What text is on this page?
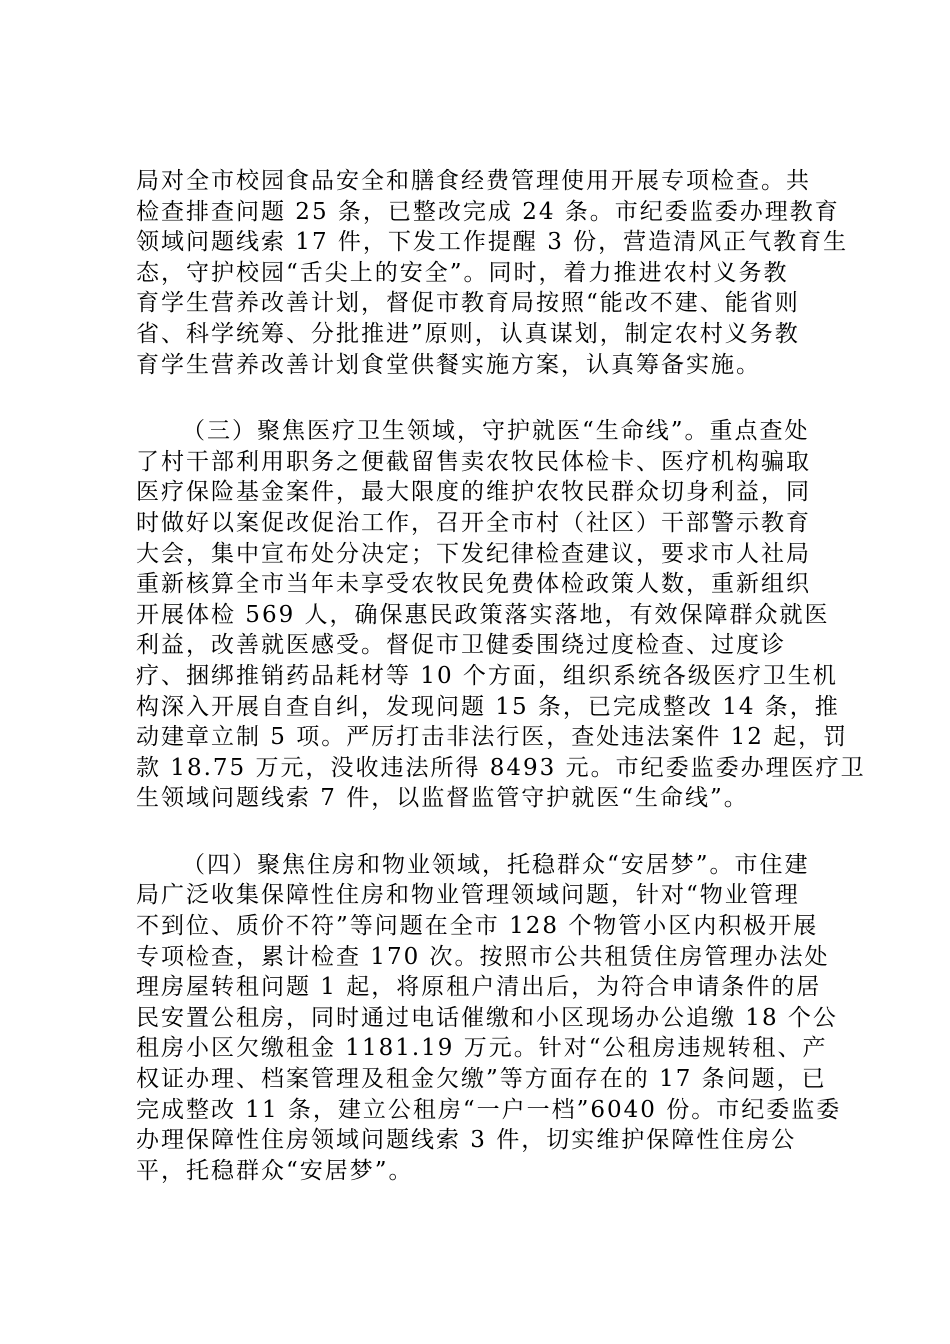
局对全市校园食品安全和膳食经费管理使用开展专项检查。共
检查排查问题 25 条，已整改完成 24 条。市纪委监委办理教育
领域问题线索 17 件，下发工作提醒 3 份，营造清风正气教育生
态，守护校园“舌尖上的安全”。同时，着力推进农村义务教
育学生营养改善计划，督促市教育局按照“能改不建、能省则
省、科学统筹、分批推进”原则，认真谋划，制定农村义务教
育学生营养改善计划食堂供餐实施方案，认真筹备实施。

（三）聚焦医疗卫生领域，守护就医“生命线”。重点查处
了村干部利用职务之便截留售卖农牧民体检卡、医疗机构骗取
医疗保险基金案件，最大限度的维护农牧民群众切身利益，同
时做好以案促改促治工作，召开全市村（社区）干部警示教育
大会，集中宣布处分决定；下发纪律检查建议，要求市人社局
重新核算全市当年未享受农牧民免费体检政策人数，重新组织
开展体检 569 人，确保惠民政策落实落地，有效保障群众就医
利益，改善就医感受。督促市卫健委围绕过度检查、过度诊
疗、捆绑推销药品耗材等 10 个方面，组织系统各级医疗卫生机
构深入开展自查自纠，发现问题 15 条，已完成整改 14 条，推
动建章立制 5 项。严厉打击非法行医，查处违法案件 12 起，罚
款 18.75 万元，没收违法所得 8493 元。市纪委监委办理医疗卫
生领域问题线索 7 件，以监督监管守护就医“生命线”。

（四）聚焦住房和物业领域，托稳群众“安居梦”。市住建
局广泛收集保障性住房和物业管理领域问题，针对“物业管理
不到位、质价不符”等问题在全市 128 个物管小区内积极开展
专项检查，累计检查 170 次。按照市公共租赁住房管理办法处
理房屋转租问题 1 起，将原租户清出后，为符合申请条件的居
民安置公租房，同时通过电话催缴和小区现场办公追缴 18 个公
租房小区欠缴租金 1181.19 万元。针对“公租房违规转租、产
权证办理、档案管理及租金欠缴”等方面存在的 17 条问题，已
完成整改 11 条，建立公租房“一户一档”6040 份。市纪委监委
办理保障性住房领域问题线索 3 件，切实维护保障性住房公
平，托稳群众“安居梦”。
